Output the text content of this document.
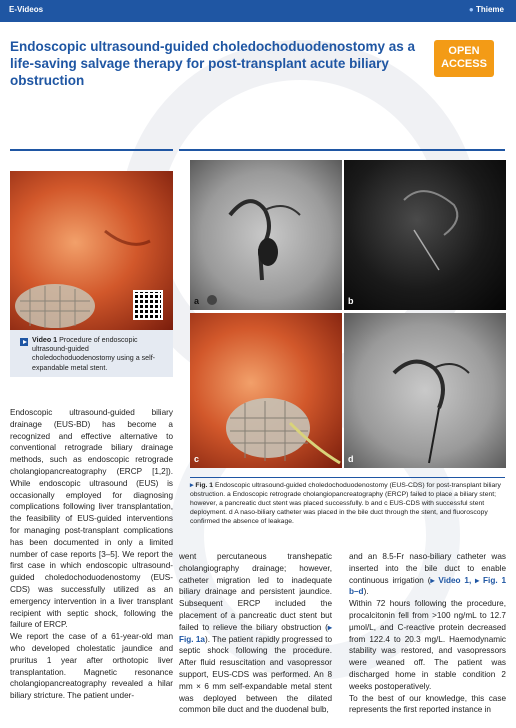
E-Videos	● Thieme
Endoscopic ultrasound-guided choledochoduodenostomy as a life-saving salvage therapy for post-transplant acute biliary obstruction
OPEN
ACCESS
Video 1 Procedure of endoscopic ultrasound-guided choledochoduodenostomy using a self-expandable metal stent.
a	b
c	d
▸ Fig. 1 Endoscopic ultrasound-guided choledochoduodenostomy (EUS-CDS) for post-transplant biliary obstruction. a Endoscopic retrograde cholangiopancreatography (ERCP) failed to place a biliary stent; however, a pancreatic duct stent was placed successfully. b and c EUS-CDS with successful stent deployment. d A naso-biliary catheter was placed in the bile duct through the stent, and fluoroscopy confirmed the absence of leakage.

Endoscopic ultrasound-guided biliary drainage (EUS-BD) has become a recognized and effective alternative to conventional retrograde biliary drainage methods, such as endoscopic retrograde cholangiopancreatography (ERCP [1,2]). While endoscopic ultrasound (EUS) is occasionally employed for diagnosing complications following liver transplantation, the feasibility of EUS-guided interventions for managing post-transplant complications has been documented in only a limited number of case reports [3–5]. We report the first case in which endoscopic ultrasound-guided choledochoduodenostomy (EUS-CDS) was successfully utilized as an emergency intervention in a liver transplant recipient with septic shock, following the failure of ERCP.

We report the case of a 61-year-old man who developed cholestatic jaundice and pruritus 1 year after orthotopic liver transplantation. Magnetic resonance cholangiopancreatography revealed a hilar biliary stricture. The patient under-

went percutaneous transhepatic cholangiography drainage; however, catheter migration led to inadequate biliary drainage and persistent jaundice. Subsequent ERCP included the placement of a pancreatic duct stent but failed to relieve the biliary obstruction (▸ Fig. 1a). The patient rapidly progressed to septic shock following the procedure. After fluid resuscitation and vasopressor support, EUS-CDS was performed. An 8 mm × 6 mm self-expandable metal stent was deployed between the dilated common bile duct and the duodenal bulb,

and an 8.5-Fr naso-biliary catheter was inserted into the bile duct to enable continuous irrigation (▸ Video 1, ▸ Fig. 1 b–d).

Within 72 hours following the procedure, procalcitonin fell from >100 ng/mL to 12.7 μmol/L, and C-reactive protein decreased from 122.4 to 20.3 mg/L. Haemodynamic stability was restored, and vasopressors were weaned off. The patient was discharged home in stable condition 2 weeks postoperatively.

To the best of our knowledge, this case represents the first reported instance in
